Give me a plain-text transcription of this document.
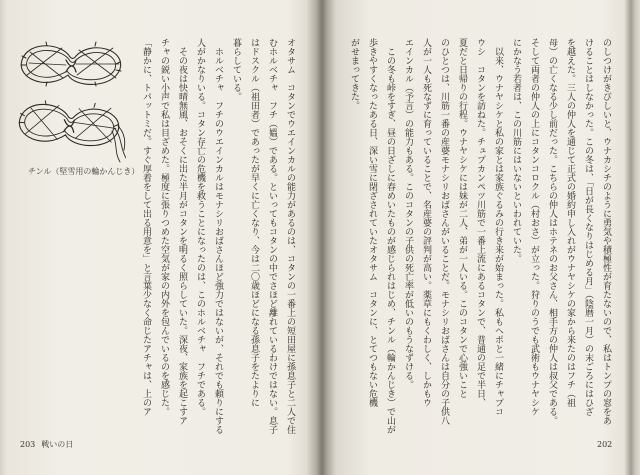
チンル（堅雪用の輪かんじき）	オタサム　コタンでウエインカルの能力があるのは、コタンの一番上の短田屋に孫息子と二人で住
むホルベチャ　フチ（媼）である。といってもコタンの中でさほど離れているわけではない。息子
はドスクル（祖田者）であったが早くに亡くなり、今は二〇歳ほどになる孫息子をたよりに
暮らしている。
　ホルベチャ　フチのウエインカルはモナシリおばさんほど強力ではないが、それでも頼りにする
人がかなりいる。コタン存亡の危機を救うことになったのは、このホルベチャ　フチである。
　その夜は快晴無風、おそくに出た半月がコタンを明るく照らしていた。深夜、家族を起こすア
チャの鋭い小声で私は目ざめた。極度に張りつめた空気が家の内外を包んでいるのを感じた。
「静かに、トパットミだ。すぐ厚着をして出る用意を」と言葉少なく命じたアチャは、上のア
203 戦いの日
のしつけがきびしいと、ウナカシチのように勇気や積極性が育たないので、私はトンプの窓をあ
けることはしなかった。この冬は、「日が長くなりはじめる月」（陰暦一月）の末ごろにはひざ
を越えた。三人の仲人を通じて正式の婚約申し入れがウナヤシケの家から来たのはフチ（祖
母）の亡くなる少し前だった。こちらの仲人はホテネのお父さん、相手方の仲人は叔父である。
そして両者の仲人の上にコタンコロクル（村おさ）が立った。狩りのうでも武術もウナヤシケ
にかなう若者は、この川筋にはいないといわれていた。
　以来、ウナヤシケと私の家とは家族ぐるみの行き来が始まった。私もヘポと一緒にチャプコ
ウシ　コタンを訪ねた。チュプカンペツ川筋で一番上流にあるコタンで、普通の足で半日、
夏だと日帰りの行程。ウナヤシケには妹が二人、弟が一人いる。このコタンで心強いこと
のひとつは、川筋一番の産婆モナシリおばさんがいることだ。モナシリおばさんは自分の子供八
人が一人も死なずに育っていることで、名産婆の評判が高い。薬草にもくわしく、しかもウ
エインカル（予言）の能力もある。このコタンの子供の死亡率が低いのもうなずける。
　この冬も峠をすぎ、昼の日ざしに春めいたものが感じられはじめ、チンル（輪かんじき）で山が
歩きやすくなったある日、深い雪に閉ざされていたオタサム　コタンに、とてつもない危機
がせまってきた。
202
